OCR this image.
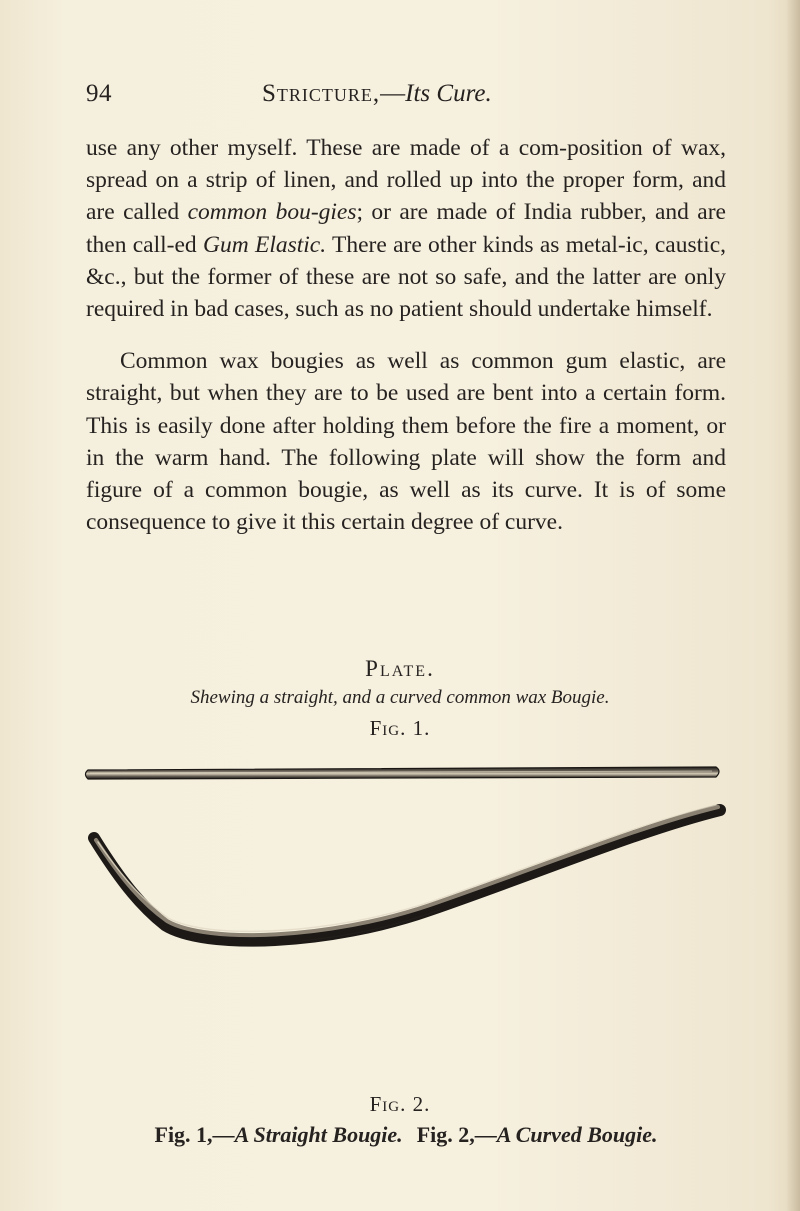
94	Stricture,—Its Cure.

use any other myself. These are made of a com-position of wax, spread on a strip of linen, and rolled up into the proper form, and are called common bou-gies; or are made of India rubber, and are then call-ed Gum Elastic. There are other kinds as metal-ic, caustic, &c., but the former of these are not so safe, and the latter are only required in bad cases, such as no patient should undertake himself.

Common wax bougies as well as common gum elastic, are straight, but when they are to be used are bent into a certain form. This is easily done after holding them before the fire a moment, or in the warm hand. The following plate will show the form and figure of a common bougie, as well as its curve. It is of some consequence to give it this certain degree of curve.

Plate.
Shewing a straight, and a curved common wax Bougie.
Fig. 1.
Fig. 2.
Fig. 1,—A Straight Bougie. Fig. 2,—A Curved Bougie.
